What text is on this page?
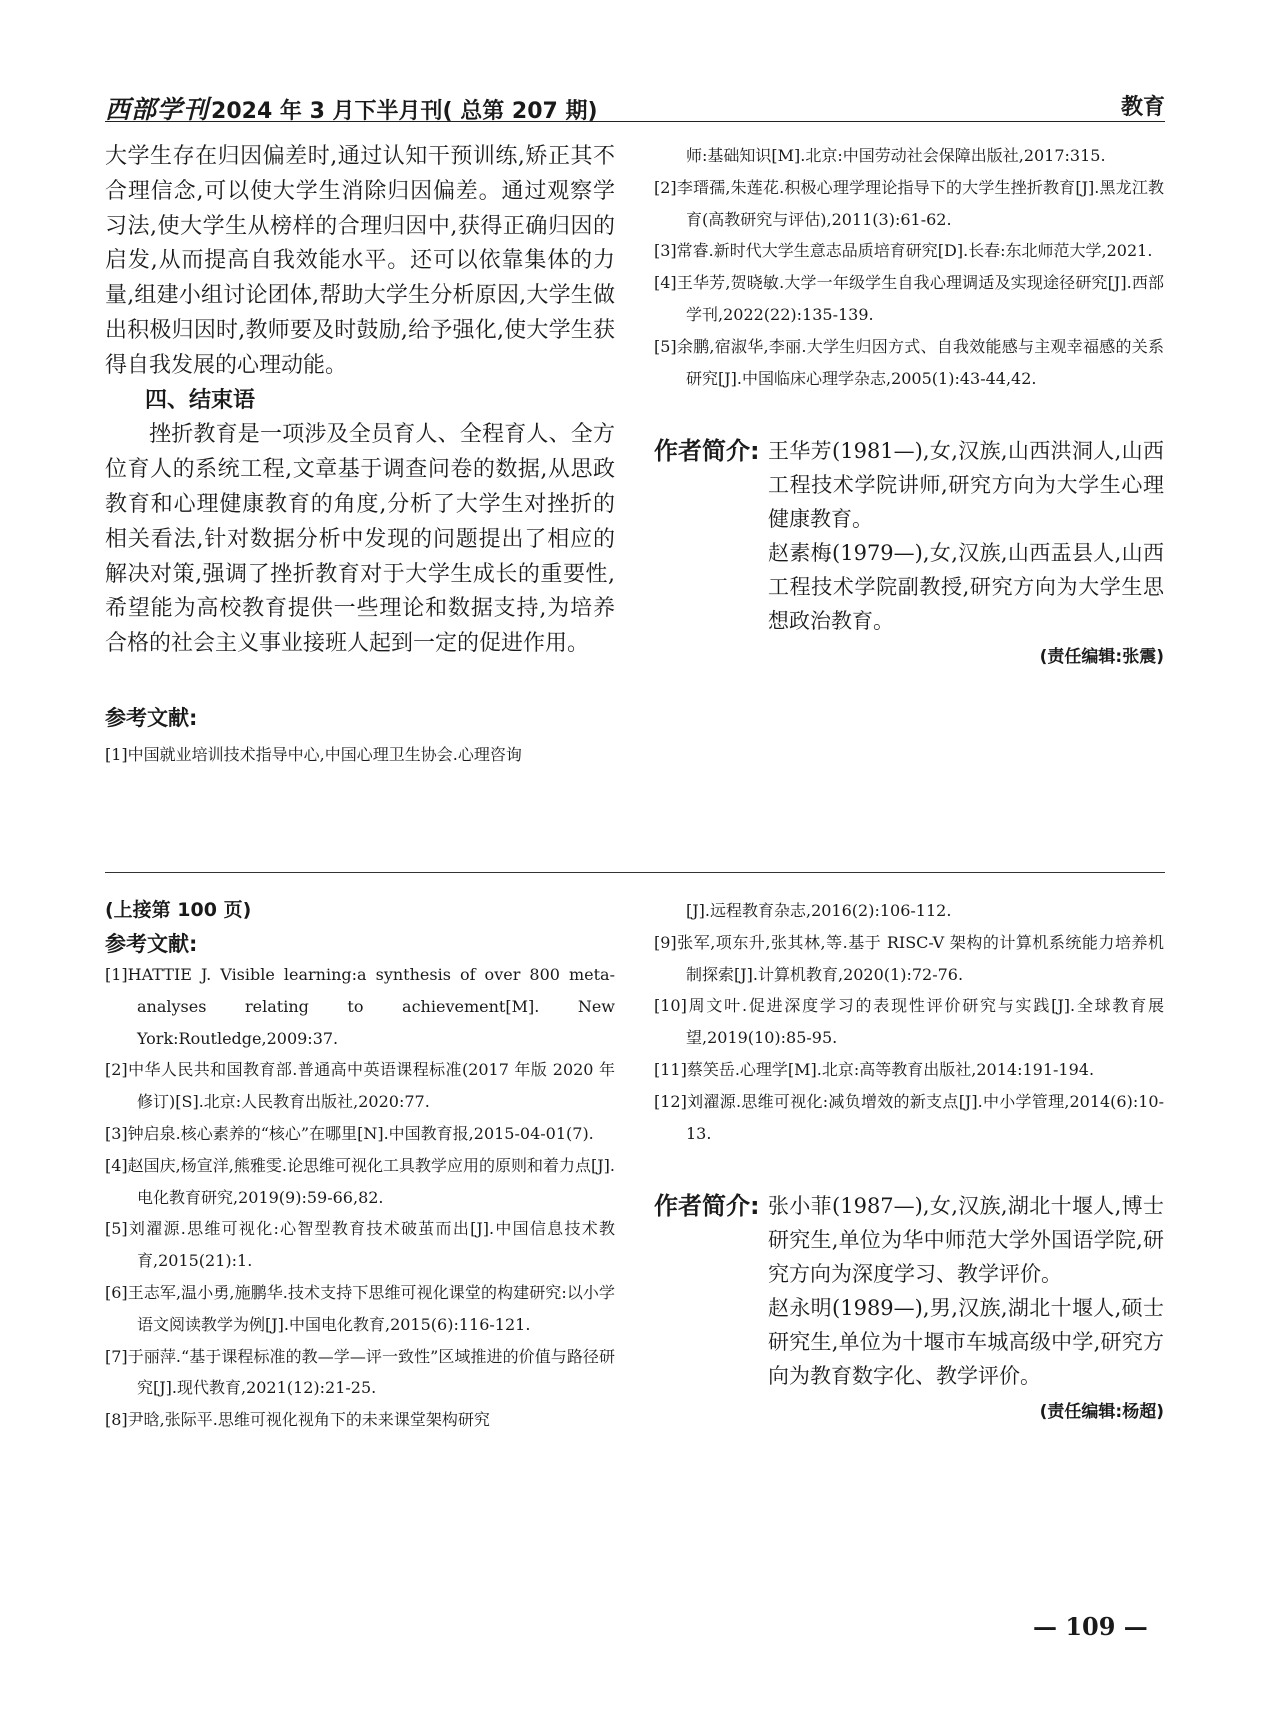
西部学刊 2024 年 3 月下半月刊( 总第 207 期)	教育

大学生存在归因偏差时,通过认知干预训练,矫正其不合理信念,可以使大学生消除归因偏差。通过观察学习法,使大学生从榜样的合理归因中,获得正确归因的启发,从而提高自我效能水平。还可以依靠集体的力量,组建小组讨论团体,帮助大学生分析原因,大学生做出积极归因时,教师要及时鼓励,给予强化,使大学生获得自我发展的心理动能。

四、结束语

挫折教育是一项涉及全员育人、全程育人、全方位育人的系统工程,文章基于调查问卷的数据,从思政教育和心理健康教育的角度,分析了大学生对挫折的相关看法,针对数据分析中发现的问题提出了相应的解决对策,强调了挫折教育对于大学生成长的重要性,希望能为高校教育提供一些理论和数据支持,为培养合格的社会主义事业接班人起到一定的促进作用。

参考文献:

[1]中国就业培训技术指导中心,中国心理卫生协会.心理咨询

师:基础知识[M].北京:中国劳动社会保障出版社,2017:315.

[2]李瑨孺,朱莲花.积极心理学理论指导下的大学生挫折教育[J].黑龙江教育(高教研究与评估),2011(3):61-62.

[3]常睿.新时代大学生意志品质培育研究[D].长春:东北师范大学,2021.

[4]王华芳,贺晓敏.大学一年级学生自我心理调适及实现途径研究[J].西部学刊,2022(22):135-139.

[5]余鹏,宿淑华,李丽.大学生归因方式、自我效能感与主观幸福感的关系研究[J].中国临床心理学杂志,2005(1):43-44,42.

作者简介: 王华芳(1981—),女,汉族,山西洪洞人,山西工程技术学院讲师,研究方向为大学生心理健康教育。

赵素梅(1979—),女,汉族,山西盂县人,山西工程技术学院副教授,研究方向为大学生思想政治教育。

(责任编辑:张震)
(上接第 100 页)
参考文献:

[1]HATTIE J. Visible learning:a synthesis of over 800 meta-analyses relating to achievement[M]. New York:Routledge,2009:37.

[2]中华人民共和国教育部.普通高中英语课程标准(2017 年版 2020 年修订)[S].北京:人民教育出版社,2020:77.

[3]钟启泉.核心素养的“核心”在哪里[N].中国教育报,2015-04-01(7).

[4]赵国庆,杨宣洋,熊雅雯.论思维可视化工具教学应用的原则和着力点[J].电化教育研究,2019(9):59-66,82.

[5]刘濯源.思维可视化:心智型教育技术破茧而出[J].中国信息技术教育,2015(21):1.

[6]王志军,温小勇,施鹏华.技术支持下思维可视化课堂的构建研究:以小学语文阅读教学为例[J].中国电化教育,2015(6):116-121.

[7]于丽萍.“基于课程标准的教—学—评一致性”区域推进的价值与路径研究[J].现代教育,2021(12):21-25.

[8]尹晗,张际平.思维可视化视角下的未来课堂架构研究

[J].远程教育杂志,2016(2):106-112.

[9]张军,项东升,张其林,等.基于 RISC-V 架构的计算机系统能力培养机制探索[J].计算机教育,2020(1):72-76.

[10]周文叶.促进深度学习的表现性评价研究与实践[J].全球教育展望,2019(10):85-95.

[11]蔡笑岳.心理学[M].北京:高等教育出版社,2014:191-194.

[12]刘濯源.思维可视化:减负增效的新支点[J].中小学管理,2014(6):10-13.

作者简介: 张小菲(1987—),女,汉族,湖北十堰人,博士研究生,单位为华中师范大学外国语学院,研究方向为深度学习、教学评价。

赵永明(1989—),男,汉族,湖北十堰人,硕士研究生,单位为十堰市车城高级中学,研究方向为教育数字化、教学评价。

(责任编辑:杨超)
— 109 —
